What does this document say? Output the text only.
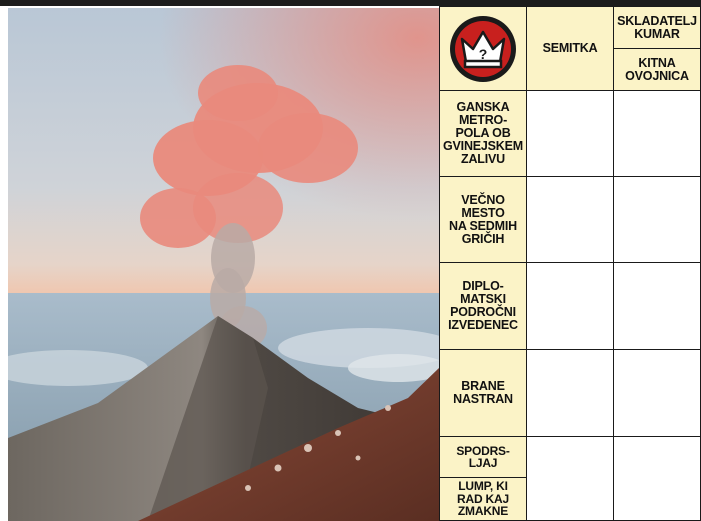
?	SEMITKA
SKLADATELJ
KUMAR
KITNA
OVOJNICA
GANSKA
METRO-
POLA OB
GVINEJSKEM
ZALIVU
VEČNO
MESTO
NA SEDMIH
GRIČIH
DIPLO-
MATSKI
PODROČNI
IZVEDENEC
BRANE
NASTRAN
SPODRS-
LJAJ
LUMP, KI
RAD KAJ
ZMAKNE
